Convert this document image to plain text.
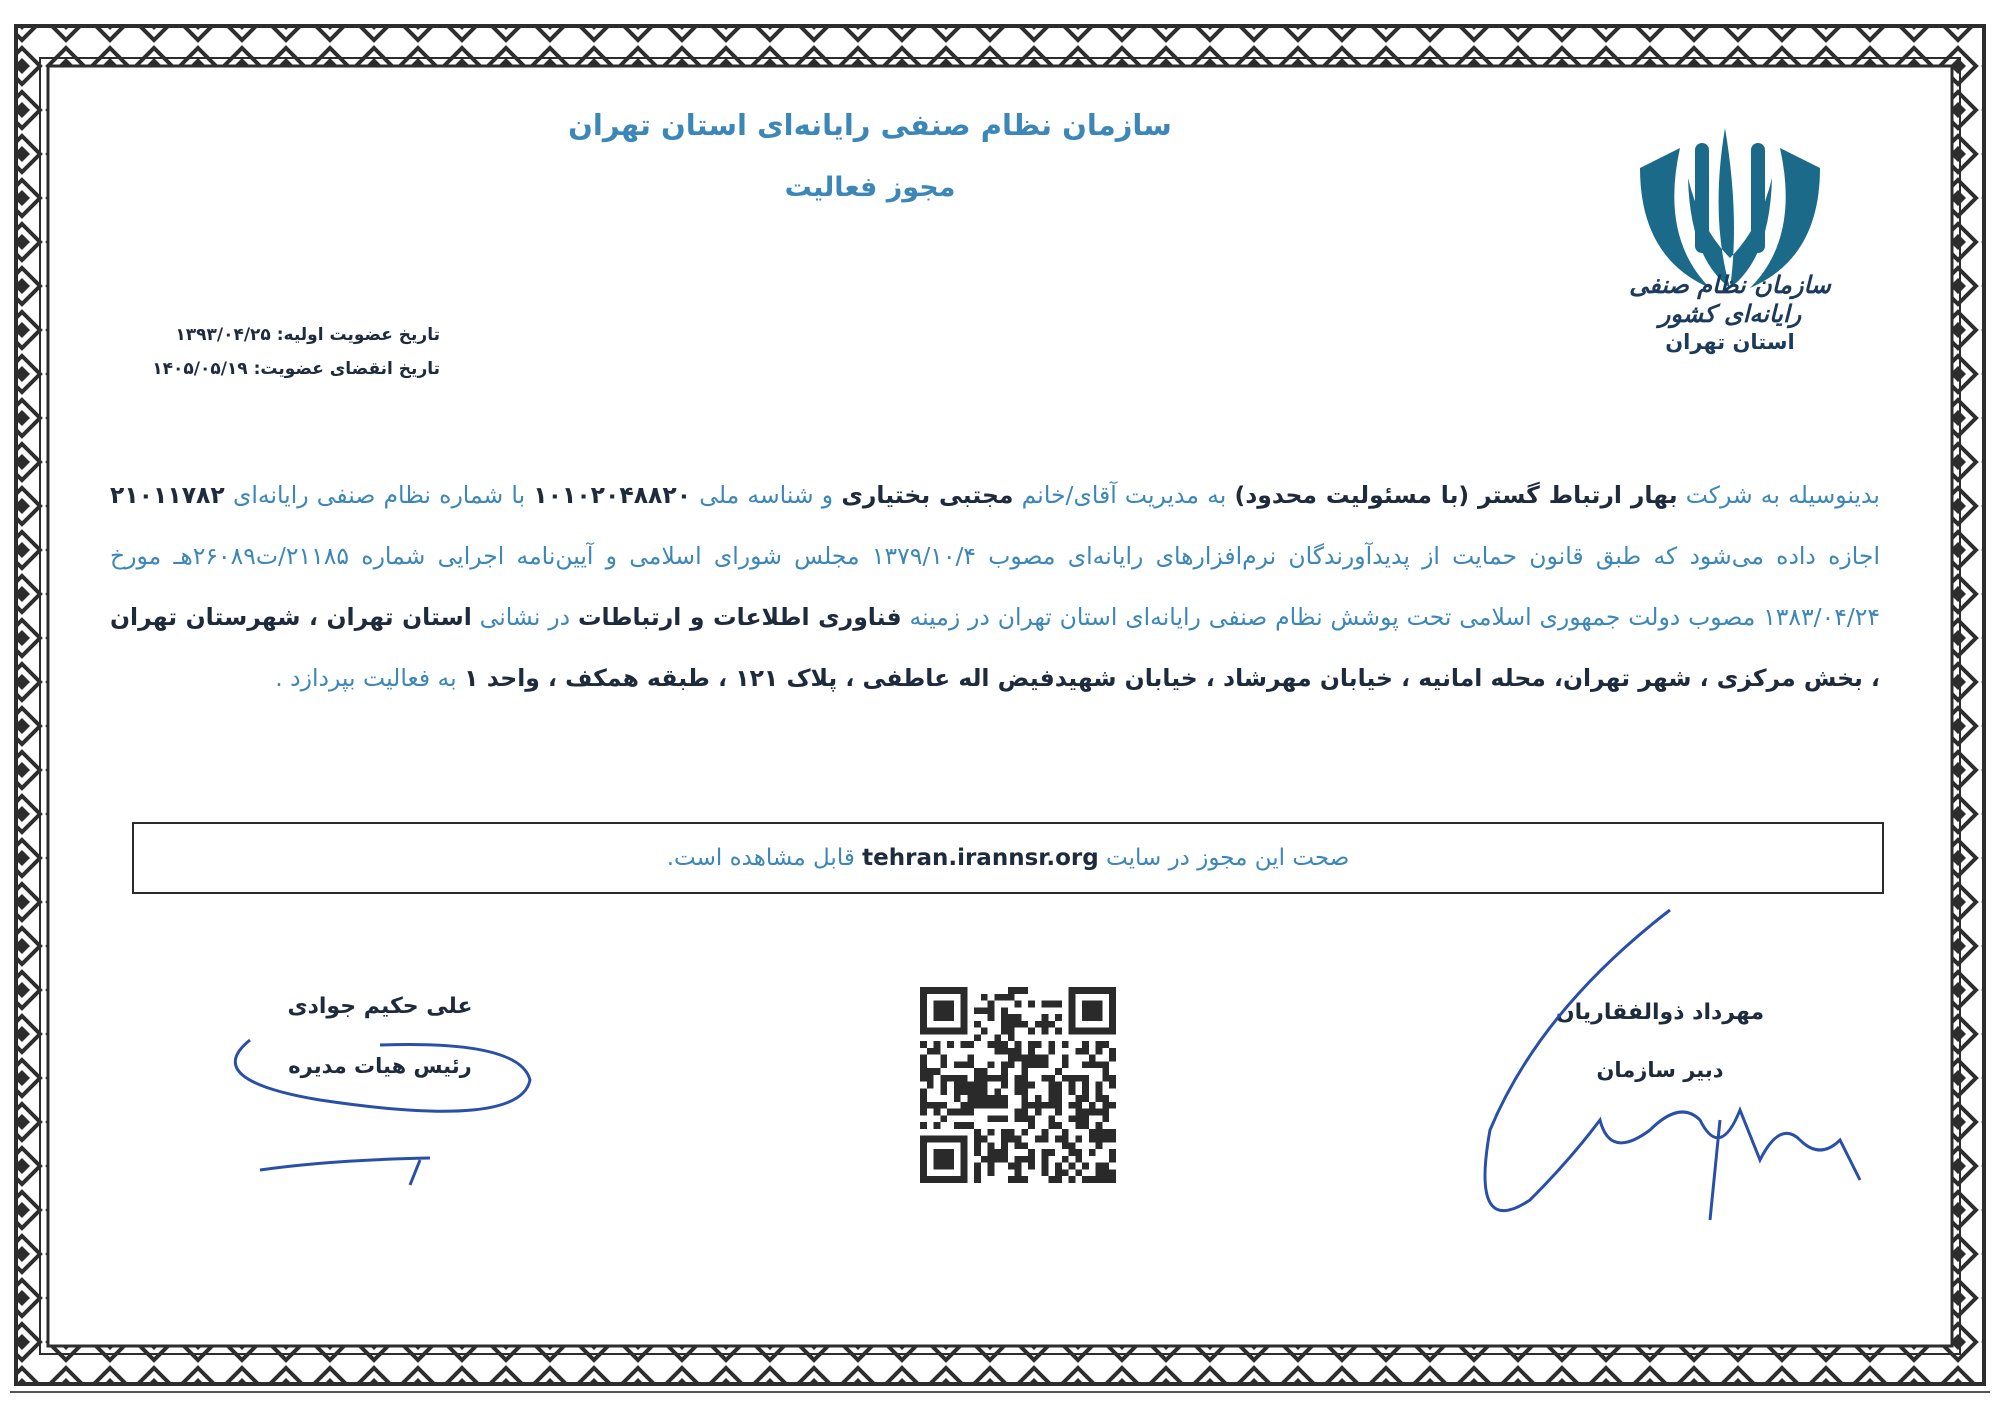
سازمان نظام صنفی رایانه‌ای استان تهران
مجوز فعالیت
سازمان نظام صنفی رایانه‌ای کشور
استان تهران
تاریخ عضویت اولیه: ۱۳۹۳/۰۴/۲۵
تاریخ انقضای عضویت: ۱۴۰۵/۰۵/۱۹
بدینوسیله به شرکت بهار ارتباط گستر (با مسئولیت محدود) به مدیریت آقای/خانم مجتبی بختیاری و شناسه ملی ۱۰۱۰۲۰۴۸۸۲۰ با شماره نظام صنفی رایانه‌ای ۲۱۰۱۱۷۸۲ اجازه داده می‌شود که طبق قانون حمایت از پدیدآورندگان نرم‌افزارهای رایانه‌ای مصوب ۱۳۷۹/۱۰/۴ مجلس شورای اسلامی و آیین‌نامه اجرایی شماره ۲۱۱۸۵/ت۲۶۰۸۹هـ مورخ ۱۳۸۳/۰۴/۲۴ مصوب دولت جمهوری اسلامی تحت پوشش نظام صنفی رایانه‌ای استان تهران در زمینه فناوری اطلاعات و ارتباطات در نشانی استان تهران ، شهرستان تهران ، بخش مرکزی ، شهر تهران، محله امانیه ، خیابان مهرشاد ، خیابان شهیدفیض اله عاطفی ، پلاک ۱۲۱ ، طبقه همکف ، واحد ۱ به فعالیت بپردازد .
صحت این مجوز در سایت tehran.irannsr.org قابل مشاهده است.
علی حکیم جوادی
رئیس هیات مدیره
مهرداد ذوالفقاریان
دبیر سازمان
